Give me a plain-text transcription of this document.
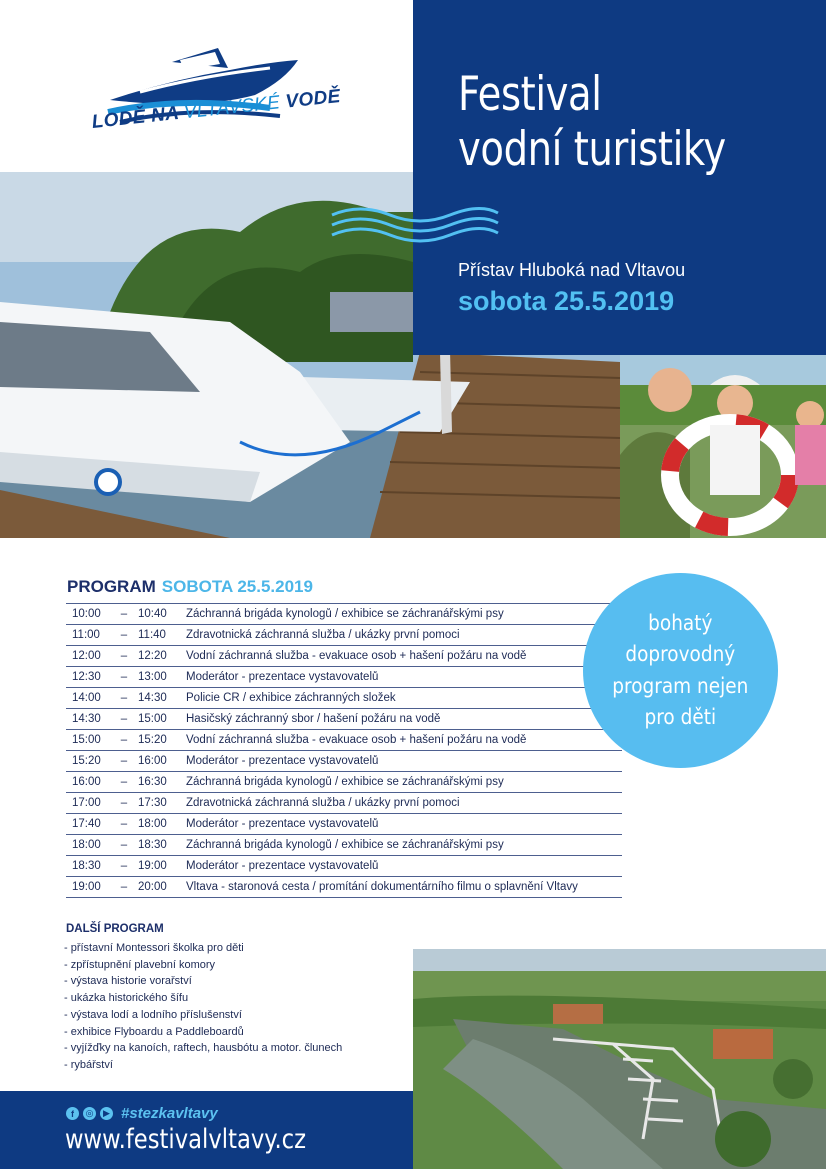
LODĚ NA VLTAVSKÉ VODĚ Festival
vodní turistiky
Přístav Hluboká nad Vltavou
sobota 25.5.2019
PROGRAM SOBOTA 25.5.2019
10:00	– 10:40	Záchranná brigáda kynologů / exhibice se záchranářskými psy
11:00	– 11:40	Zdravotnická záchranná služba / ukázky první pomoci
12:00	– 12:20	Vodní záchranná služba - evakuace osob + hašení požáru na vodě
12:30	– 13:00	Moderátor - prezentace vystavovatelů
14:00	– 14:30	Policie ČR / exhibice záchranných složek
14:30	– 15:00	Hasičský záchranný sbor / hašení požáru na vodě
15:00	– 15:20	Vodní záchranná služba - evakuace osob + hašení požáru na vodě
15:20	– 16:00	Moderátor - prezentace vystavovatelů
16:00	– 16:30	Záchranná brigáda kynologů / exhibice se záchranářskými psy
17:00	– 17:30	Zdravotnická záchranná služba / ukázky první pomoci
17:40	– 18:00	Moderátor - prezentace vystavovatelů
18:00	– 18:30	Záchranná brigáda kynologů / exhibice se záchranářskými psy
18:30	– 19:00	Moderátor - prezentace vystavovatelů
19:00	– 20:00	Vltava - staronová cesta / promítání dokumentárního filmu o splavnění Vltavy
bohatý
doprovodný
program nejen
pro děti
DALŠÍ PROGRAM
- přístavní Montessori školka pro děti
- zpřístupnění plavební komory
- výstava historie vorařství
- ukázka historického šífu
- výstava lodí a lodního příslušenství
- exhibice Flyboardu a Paddleboardů
- vyjížďky na kanoích, raftech, hausbótu a motor. člunech
- rybářství
f	◎	▶ #stezkavltavy
www.festivalvltavy.cz
